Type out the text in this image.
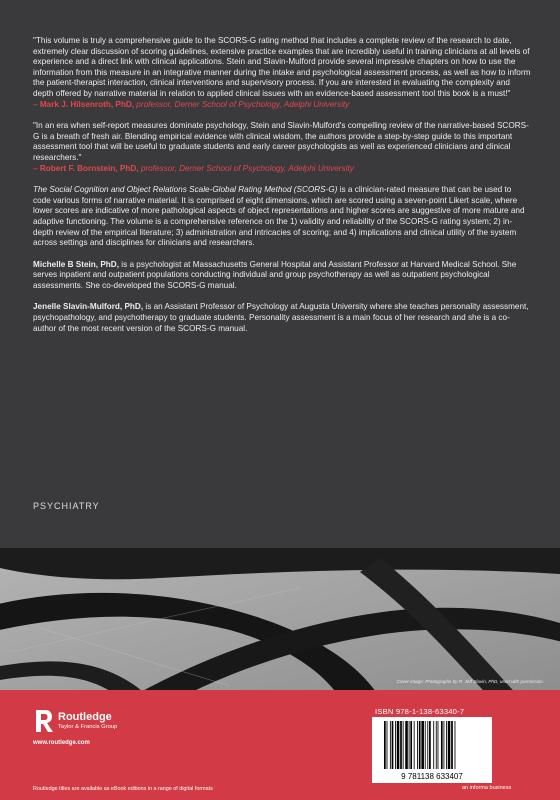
"This volume is truly a comprehensive guide to the SCORS-G rating method that includes a complete review of the research to date, extremely clear discussion of scoring guidelines, extensive practice examples that are incredibly useful in training clinicians at all levels of experience and a direct link with clinical applications. Stein and Slavin-Mulford provide several impressive chapters on how to use the information from this measure in an integrative manner during the intake and psychological assessment process, as well as how to inform the patient-therapist interaction, clinical interventions and supervisory process. If you are interested in evaluating the complexity and depth offered by narrative material in relation to applied clinical issues with an evidence-based assessment tool this book is a must!"
– Mark J. Hilsenroth, PhD, professor, Derner School of Psychology, Adelphi University

"In an era when self-report measures dominate psychology, Stein and Slavin-Mulford's compelling review of the narrative-based SCORS-G is a breath of fresh air. Blending empirical evidence with clinical wisdom, the authors provide a step-by-step guide to this important assessment tool that will be useful to graduate students and early career psychologists as well as experienced clinicians and clinical researchers."
– Robert F. Bornstein, PhD, professor, Derner School of Psychology, Adelphi University

The Social Cognition and Object Relations Scale-Global Rating Method (SCORS-G) is a clinician-rated measure that can be used to code various forms of narrative material. It is comprised of eight dimensions, which are scored using a seven-point Likert scale, where lower scores are indicative of more pathological aspects of object representations and higher scores are suggestive of more mature and adaptive functioning. The volume is a comprehensive reference on the 1) validity and reliability of the SCORS-G rating system; 2) in-depth review of the empirical literature; 3) administration and intricacies of scoring; and 4) implications and clinical utility of the system across settings and disciplines for clinicians and researchers.

Michelle B Stein, PhD, is a psychologist at Massachusetts General Hospital and Assistant Professor at Harvard Medical School. She serves inpatient and outpatient populations conducting individual and group psychotherapy as well as outpatient psychological assessments. She co-developed the SCORS-G manual.

Jenelle Slavin-Mulford, PhD, is an Assistant Professor of Psychology at Augusta University where she teaches personality assessment, psychopathology, and psychotherapy to graduate students. Personality assessment is a main focus of her research and she is a co-author of the most recent version of the SCORS-G manual.

PSYCHIATRY
Cover image: Photographs by R. Jeff Slavin, PhD, used with permission.
Routledge
Taylor & Francis Group
www.routledge.com
Routledge titles are available as eBook editions in a range of digital formats
ISBN 978-1-138-63340-7
9 781138 633407
an informa business
